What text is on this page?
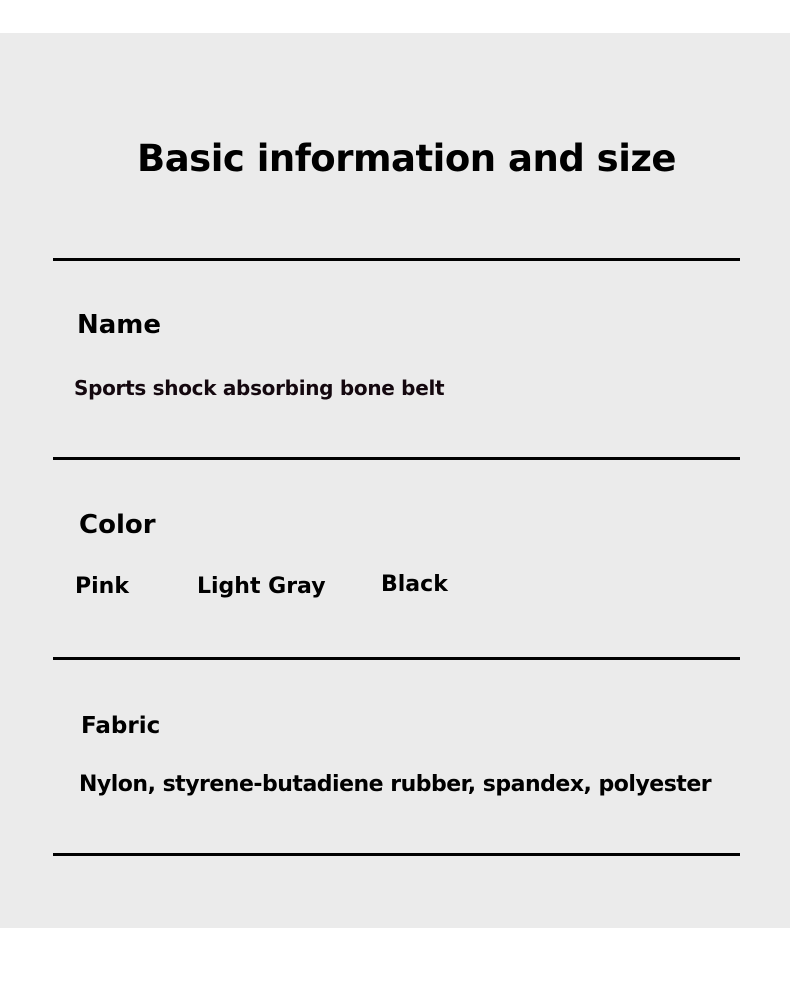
Basic information and size
Name
Sports shock absorbing bone belt
Color
Pink	Light Gray	Black
Fabric
Nylon, styrene-butadiene rubber, spandex, polyester
